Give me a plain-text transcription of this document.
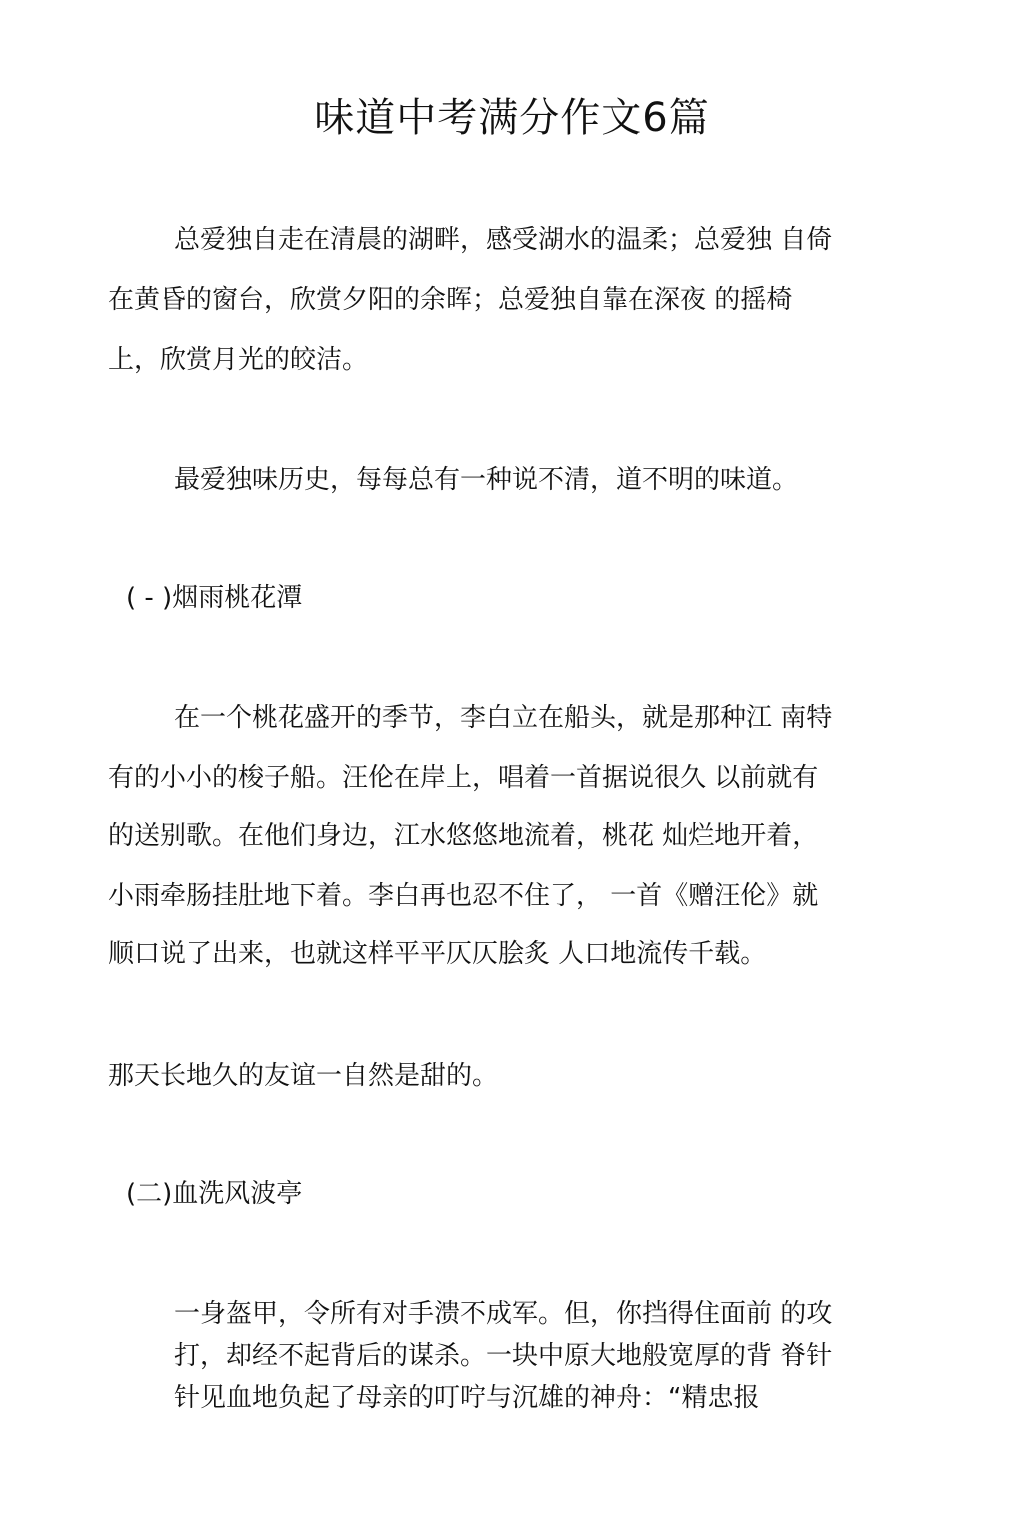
味道中考满分作文6篇

总爱独自走在清晨的湖畔，感受湖水的温柔；总爱独 自倚

在黄昏的窗台，欣赏夕阳的余晖；总爱独自靠在深夜 的摇椅

上，欣赏月光的皎洁。

最爱独味历史，每每总有一种说不清，道不明的味道。

( - )烟雨桃花潭

在一个桃花盛开的季节，李白立在船头，就是那种江 南特

有的小小的梭子船。汪伦在岸上，唱着一首据说很久 以前就有

的送别歌。在他们身边，江水悠悠地流着，桃花 灿烂地开着，

小雨牵肠挂肚地下着。李白再也忍不住了， 一首《赠汪伦》就

顺口说了出来，也就这样平平仄仄脍炙 人口地流传千载。

那天长地久的友谊一自然是甜的。

(二)血洗风波亭

一身盔甲，令所有对手溃不成军。但，你挡得住面前 的攻

打，却经不起背后的谋杀。一块中原大地般宽厚的背 脊针

针见血地负起了母亲的叮咛与沉雄的神舟：“精忠报
